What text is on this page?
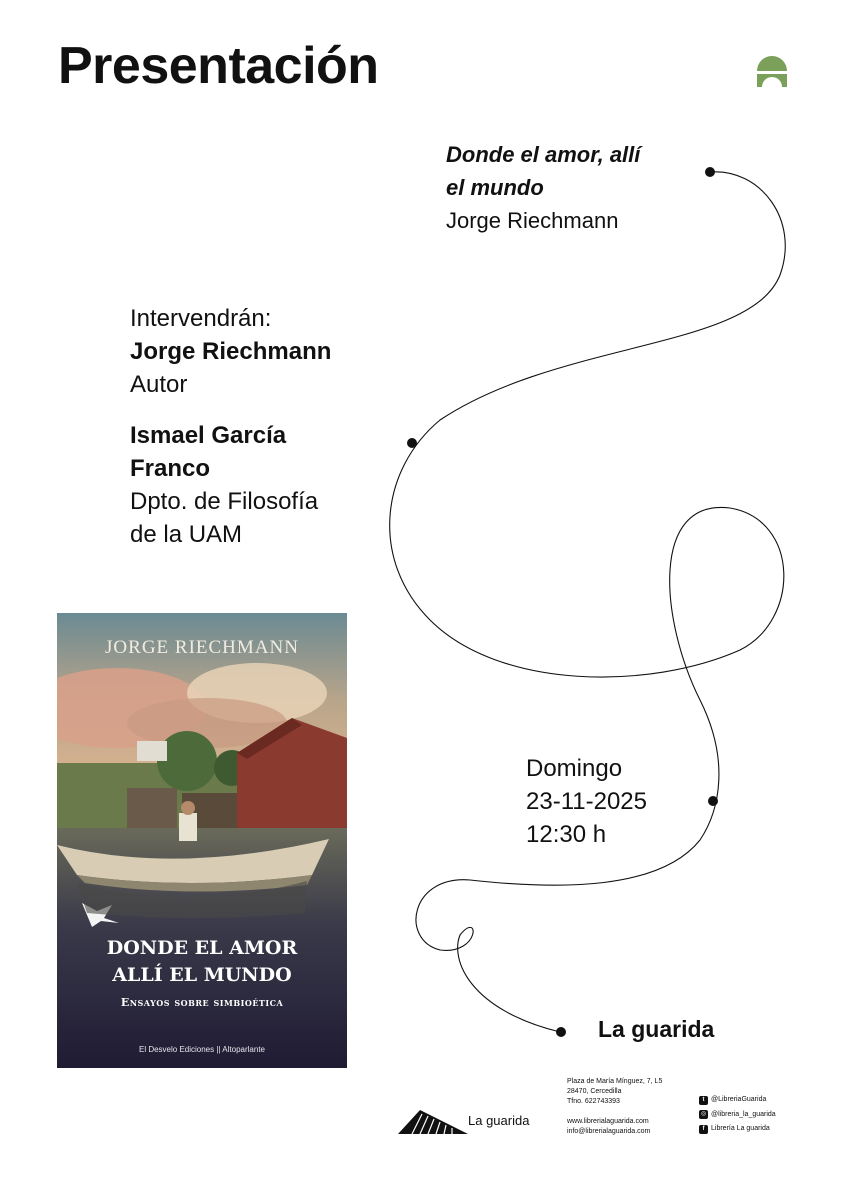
Presentación
Donde el amor, allí
el mundo
Jorge Riechmann
Intervendrán:
Jorge Riechmann
Autor
Ismael García
Franco
Dpto. de Filosofía
de la UAM
Domingo
23-11-2025
12:30 h
La guarida
JORGE RIECHMANN
DONDE EL AMOR
ALLÍ EL MUNDO
Ensayos sobre simbioética
El Desvelo Ediciones || Altoparlante
La guarida
Plaza de María Mínguez, 7, L5
28470, Cercedilla
Tfno. 622743393
www.librerialaguarida.com
info@librerialaguarida.com
t @LibreriaGuarida
◎ @libreria_la_guarida
f Librería La guarida
